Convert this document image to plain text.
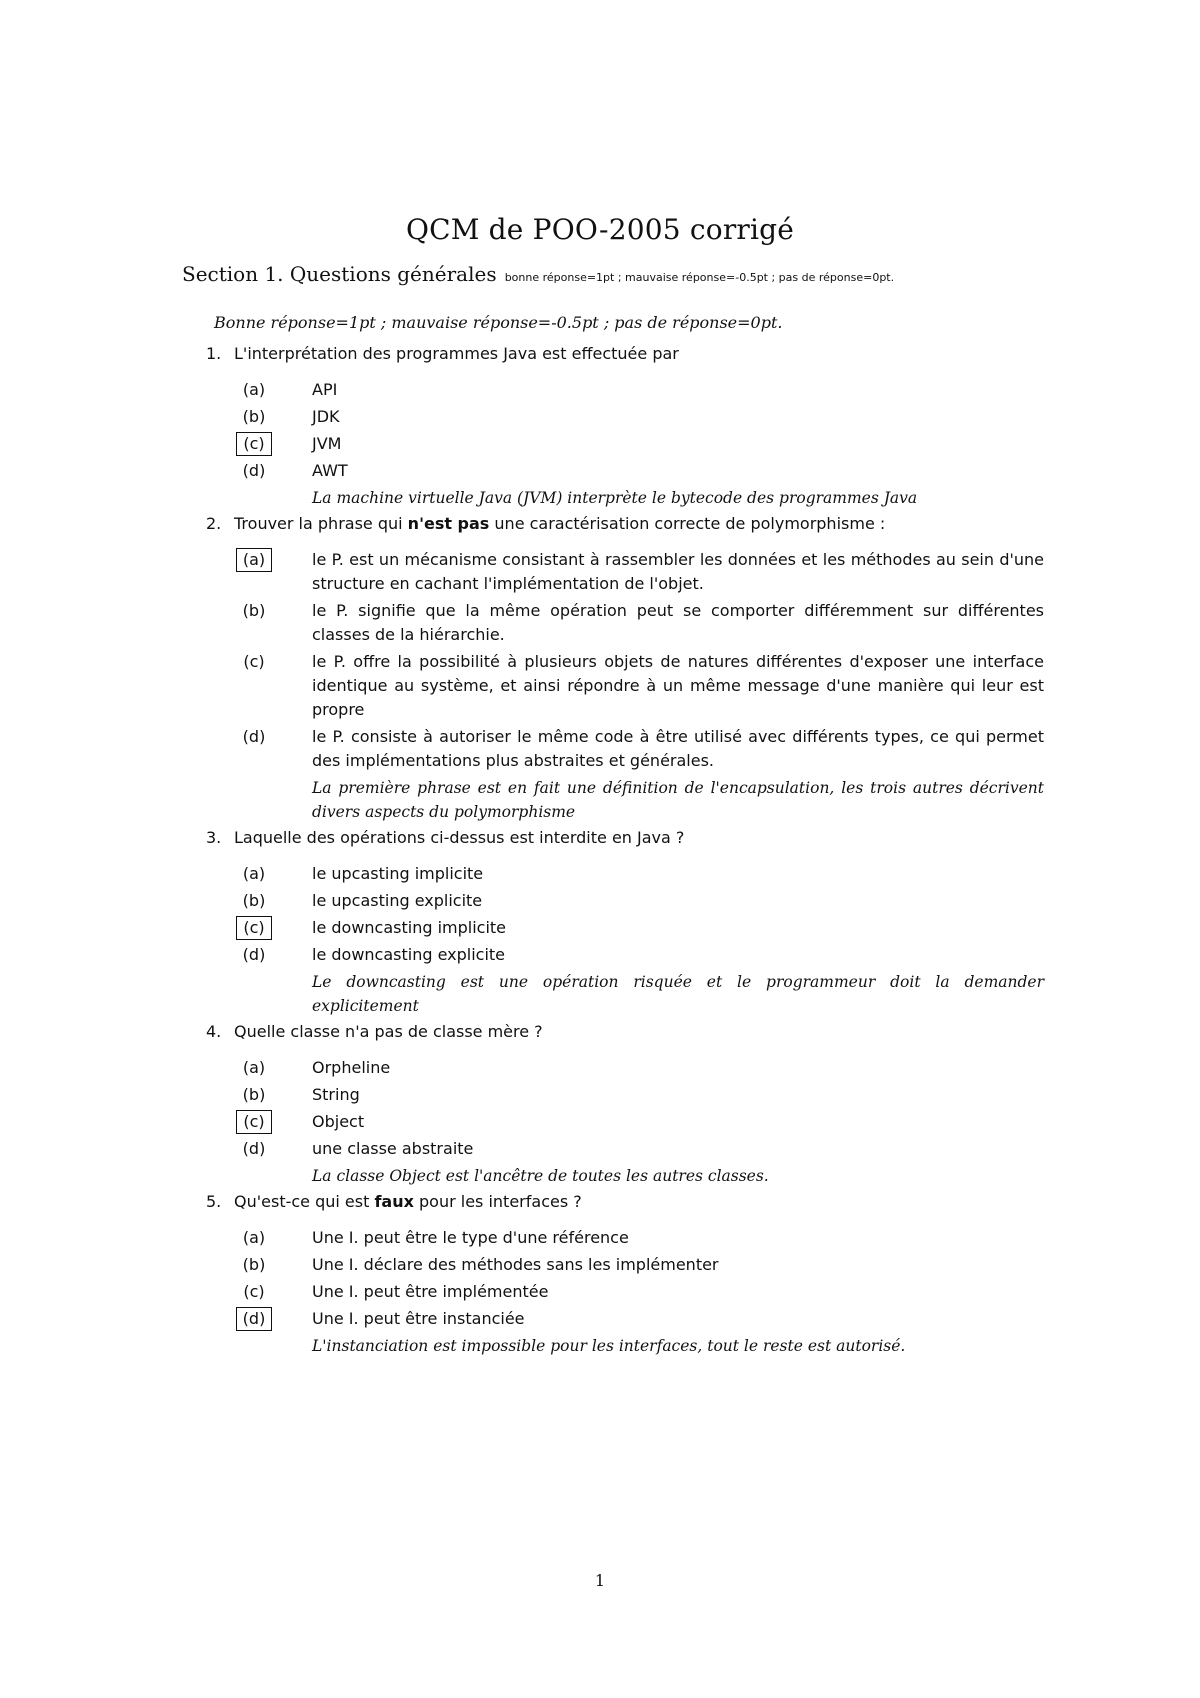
QCM de POO-2005 corrigé
Section 1. Questions générales bonne réponse=1pt ; mauvaise réponse=-0.5pt ; pas de réponse=0pt.
Bonne réponse=1pt ; mauvaise réponse=-0.5pt ; pas de réponse=0pt.
1. L'interprétation des programmes Java est effectuée par
(a)	API
(b)	JDK
(c)	JVM
(d)	AWT
La machine virtuelle Java (JVM) interprète le bytecode des programmes Java
2. Trouver la phrase qui n'est pas une caractérisation correcte de polymorphisme :
(a)	le P. est un mécanisme consistant à rassembler les données et les méthodes au sein d'une structure en cachant l'implémentation de l'objet.
(b)	le P. signifie que la même opération peut se comporter différemment sur différentes classes de la hiérarchie.
(c)	le P. offre la possibilité à plusieurs objets de natures différentes d'exposer une interface identique au système, et ainsi répondre à un même message d'une manière qui leur est propre
(d)	le P. consiste à autoriser le même code à être utilisé avec différents types, ce qui permet des implémentations plus abstraites et générales.
La première phrase est en fait une définition de l'encapsulation, les trois autres décrivent divers aspects du polymorphisme
3. Laquelle des opérations ci-dessus est interdite en Java ?
(a)	le upcasting implicite
(b)	le upcasting explicite
(c)	le downcasting implicite
(d)	le downcasting explicite
Le downcasting est une opération risquée et le programmeur doit la demander explicitement
4. Quelle classe n'a pas de classe mère ?
(a)	Orpheline
(b)	String
(c)	Object
(d)	une classe abstraite
La classe Object est l'ancêtre de toutes les autres classes.
5. Qu'est-ce qui est faux pour les interfaces ?
(a)	Une I. peut être le type d'une référence
(b)	Une I. déclare des méthodes sans les implémenter
(c)	Une I. peut être implémentée
(d)	Une I. peut être instanciée
L'instanciation est impossible pour les interfaces, tout le reste est autorisé.
1
